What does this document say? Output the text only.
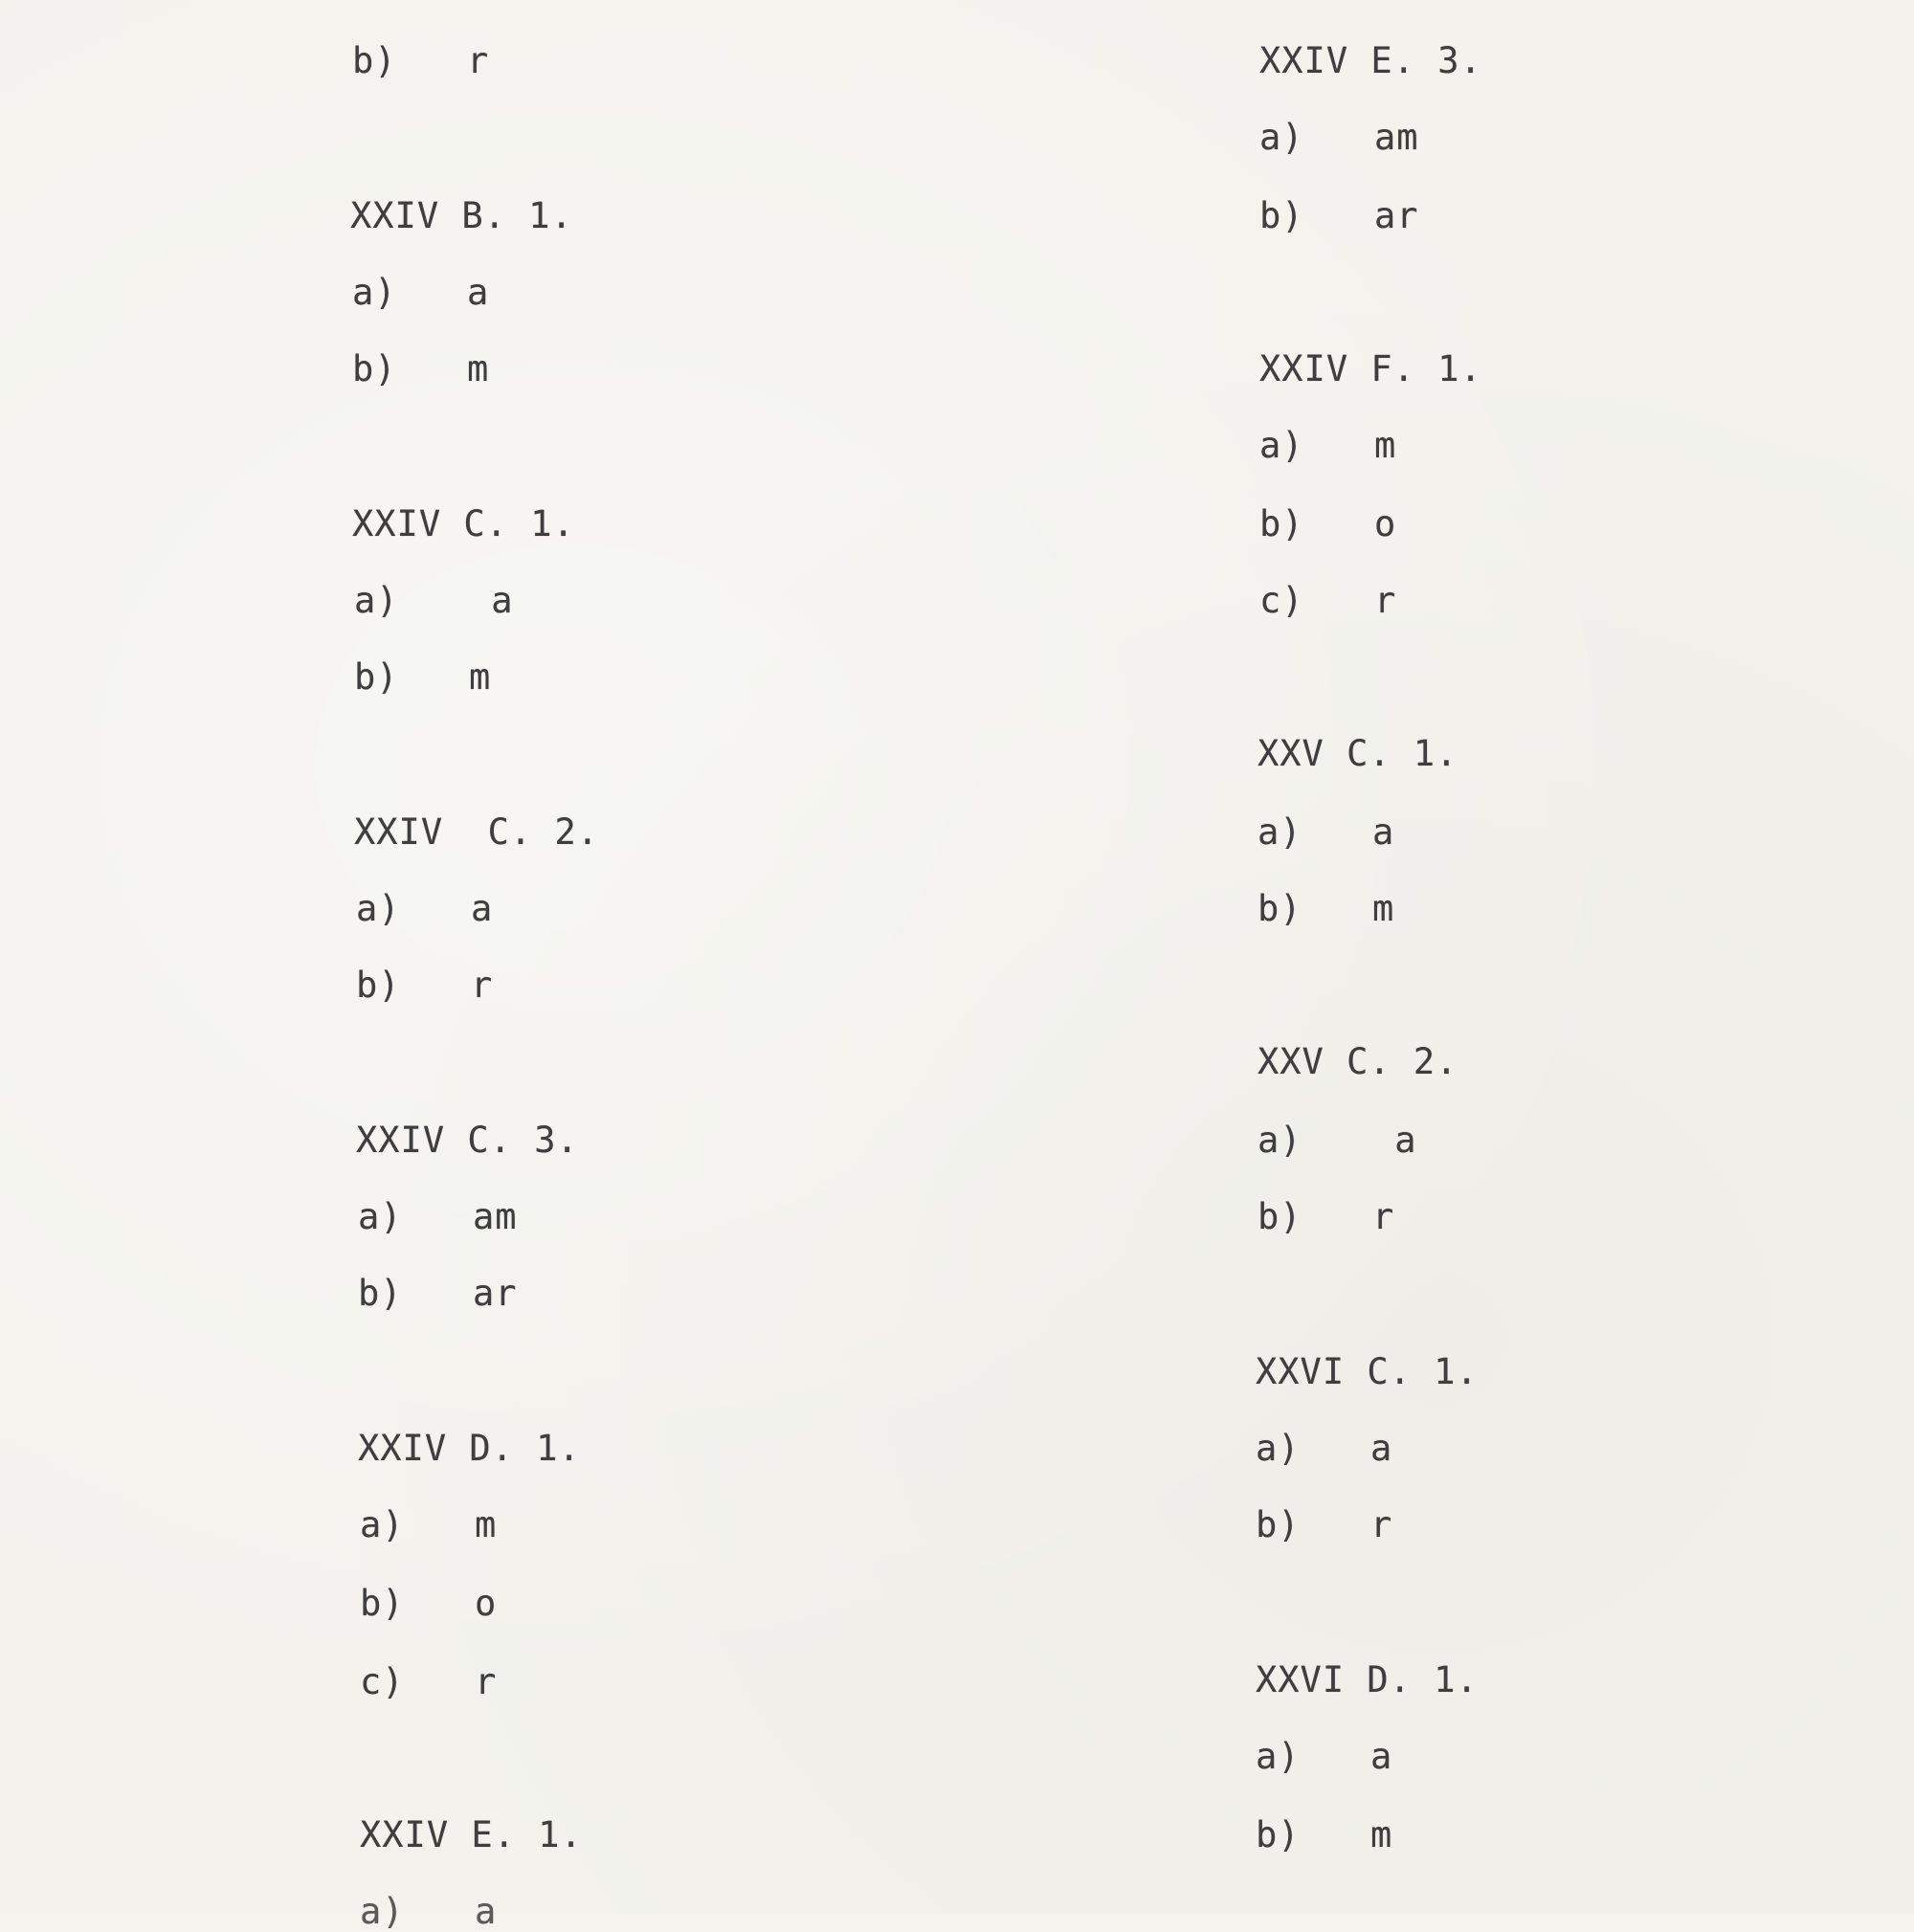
b) r
XXIV B. 1.
a) a
b) m
XXIV C. 1.
a) a
b) m
XXIV  C. 2.
a) a
b) r
XXIV C. 3.
a) am
b) ar
XXIV D. 1.
a) m
b) o
c) r
XXIV E. 1.
a) a
XXIV E. 3.
a) am
b) ar
XXIV F. 1.
a) m
b) o
c) r
XXV C. 1.
a) a
b) m
XXV C. 2.
a) a
b) r
XXVI C. 1.
a) a
b) r
XXVI D. 1.
a) a
b) m
